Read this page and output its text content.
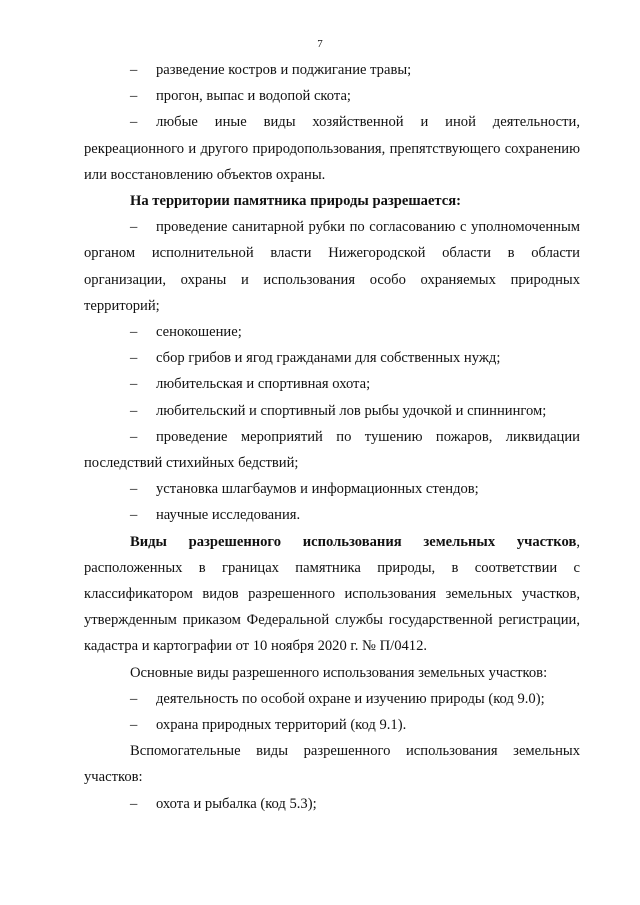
7

– разведение костров и поджигание травы;

– прогон, выпас и водопой скота;

– любые иные виды хозяйственной и иной деятельности, рекреационного и другого природопользования, препятствующего сохранению или восстановлению объектов охраны.

На территории памятника природы разрешается:

– проведение санитарной рубки по согласованию с уполномоченным органом исполнительной власти Нижегородской области в области организации, охраны и использования особо охраняемых природных территорий;

– сенокошение;

– сбор грибов и ягод гражданами для собственных нужд;

– любительская и спортивная охота;

– любительский и спортивный лов рыбы удочкой и спиннингом;

– проведение мероприятий по тушению пожаров, ликвидации последствий стихийных бедствий;

– установка шлагбаумов и информационных стендов;

– научные исследования.

Виды разрешенного использования земельных участков, расположенных в границах памятника природы, в соответствии с классификатором видов разрешенного использования земельных участков, утвержденным приказом Федеральной службы государственной регистрации, кадастра и картографии от 10 ноября 2020 г. № П/0412.

Основные виды разрешенного использования земельных участков:

– деятельность по особой охране и изучению природы (код 9.0);

– охрана природных территорий (код 9.1).

Вспомогательные виды разрешенного использования земельных участков:

– охота и рыбалка (код 5.3);
